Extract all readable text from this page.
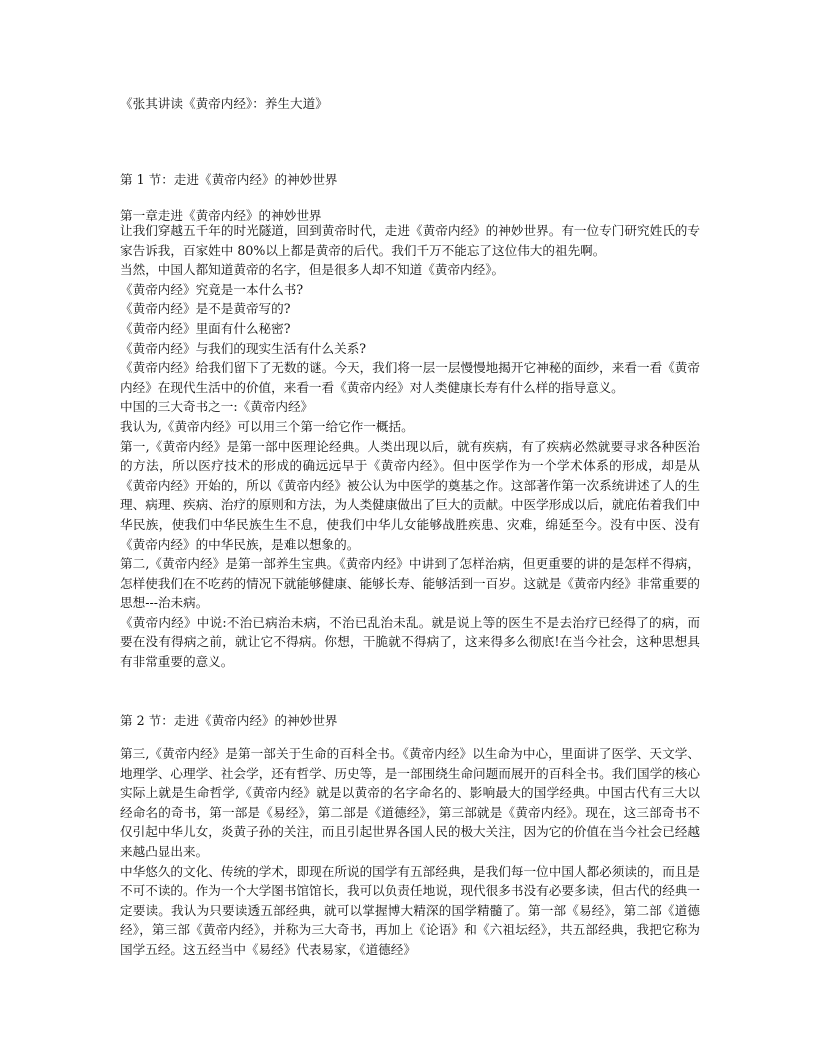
《张其讲读《黄帝内经》：养生大道》
第 1 节：走进《黄帝内经》的神妙世界
第一章走进《黄帝内经》的神妙世界

让我们穿越五千年的时光隧道，回到黄帝时代，走进《黄帝内经》的神妙世界。有一位专门研究姓氏的专家告诉我，百家姓中 80%以上都是黄帝的后代。我们千万不能忘了这位伟大的祖先啊。

当然，中国人都知道黄帝的名字，但是很多人却不知道《黄帝内经》。

《黄帝内经》究竟是一本什么书?

《黄帝内经》是不是黄帝写的?

《黄帝内经》里面有什么秘密?

《黄帝内经》与我们的现实生活有什么关系?

《黄帝内经》给我们留下了无数的谜。今天，我们将一层一层慢慢地揭开它神秘的面纱，来看一看《黄帝内经》在现代生活中的价值，来看一看《黄帝内经》对人类健康长寿有什么样的指导意义。

中国的三大奇书之一:《黄帝内经》

我认为,《黄帝内经》可以用三个第一给它作一概括。

第一,《黄帝内经》是第一部中医理论经典。人类出现以后，就有疾病，有了疾病必然就要寻求各种医治的方法，所以医疗技术的形成的确远远早于《黄帝内经》。但中医学作为一个学术体系的形成，却是从《黄帝内经》开始的，所以《黄帝内经》被公认为中医学的奠基之作。这部著作第一次系统讲述了人的生理、病理、疾病、治疗的原则和方法，为人类健康做出了巨大的贡献。中医学形成以后，就庇佑着我们中华民族，使我们中华民族生生不息，使我们中华儿女能够战胜疾患、灾难，绵延至今。没有中医、没有《黄帝内经》的中华民族，是难以想象的。

第二,《黄帝内经》是第一部养生宝典。《黄帝内经》中讲到了怎样治病，但更重要的讲的是怎样不得病，怎样使我们在不吃药的情况下就能够健康、能够长寿、能够活到一百岁。这就是《黄帝内经》非常重要的思想---治未病。

《黄帝内经》中说:不治已病治未病，不治已乱治未乱。就是说上等的医生不是去治疗已经得了的病，而要在没有得病之前，就让它不得病。你想，干脆就不得病了，这来得多么彻底!在当今社会，这种思想具有非常重要的意义。

第 2 节：走进《黄帝内经》的神妙世界

第三,《黄帝内经》是第一部关于生命的百科全书。《黄帝内经》以生命为中心，里面讲了医学、天文学、地理学、心理学、社会学，还有哲学、历史等，是一部围绕生命问题而展开的百科全书。我们国学的核心实际上就是生命哲学,《黄帝内经》就是以黄帝的名字命名的、影响最大的国学经典。中国古代有三大以经命名的奇书，第一部是《易经》，第二部是《道德经》，第三部就是《黄帝内经》。现在，这三部奇书不仅引起中华儿女，炎黄子孙的关注，而且引起世界各国人民的极大关注，因为它的价值在当今社会已经越来越凸显出来。

中华悠久的文化、传统的学术，即现在所说的国学有五部经典，是我们每一位中国人都必须读的，而且是不可不读的。作为一个大学图书馆馆长，我可以负责任地说，现代很多书没有必要多读，但古代的经典一定要读。我认为只要读透五部经典，就可以掌握博大精深的国学精髓了。第一部《易经》，第二部《道德经》，第三部《黄帝内经》，并称为三大奇书，再加上《论语》和《六祖坛经》，共五部经典，我把它称为国学五经。这五经当中《易经》代表易家，《道德经》
